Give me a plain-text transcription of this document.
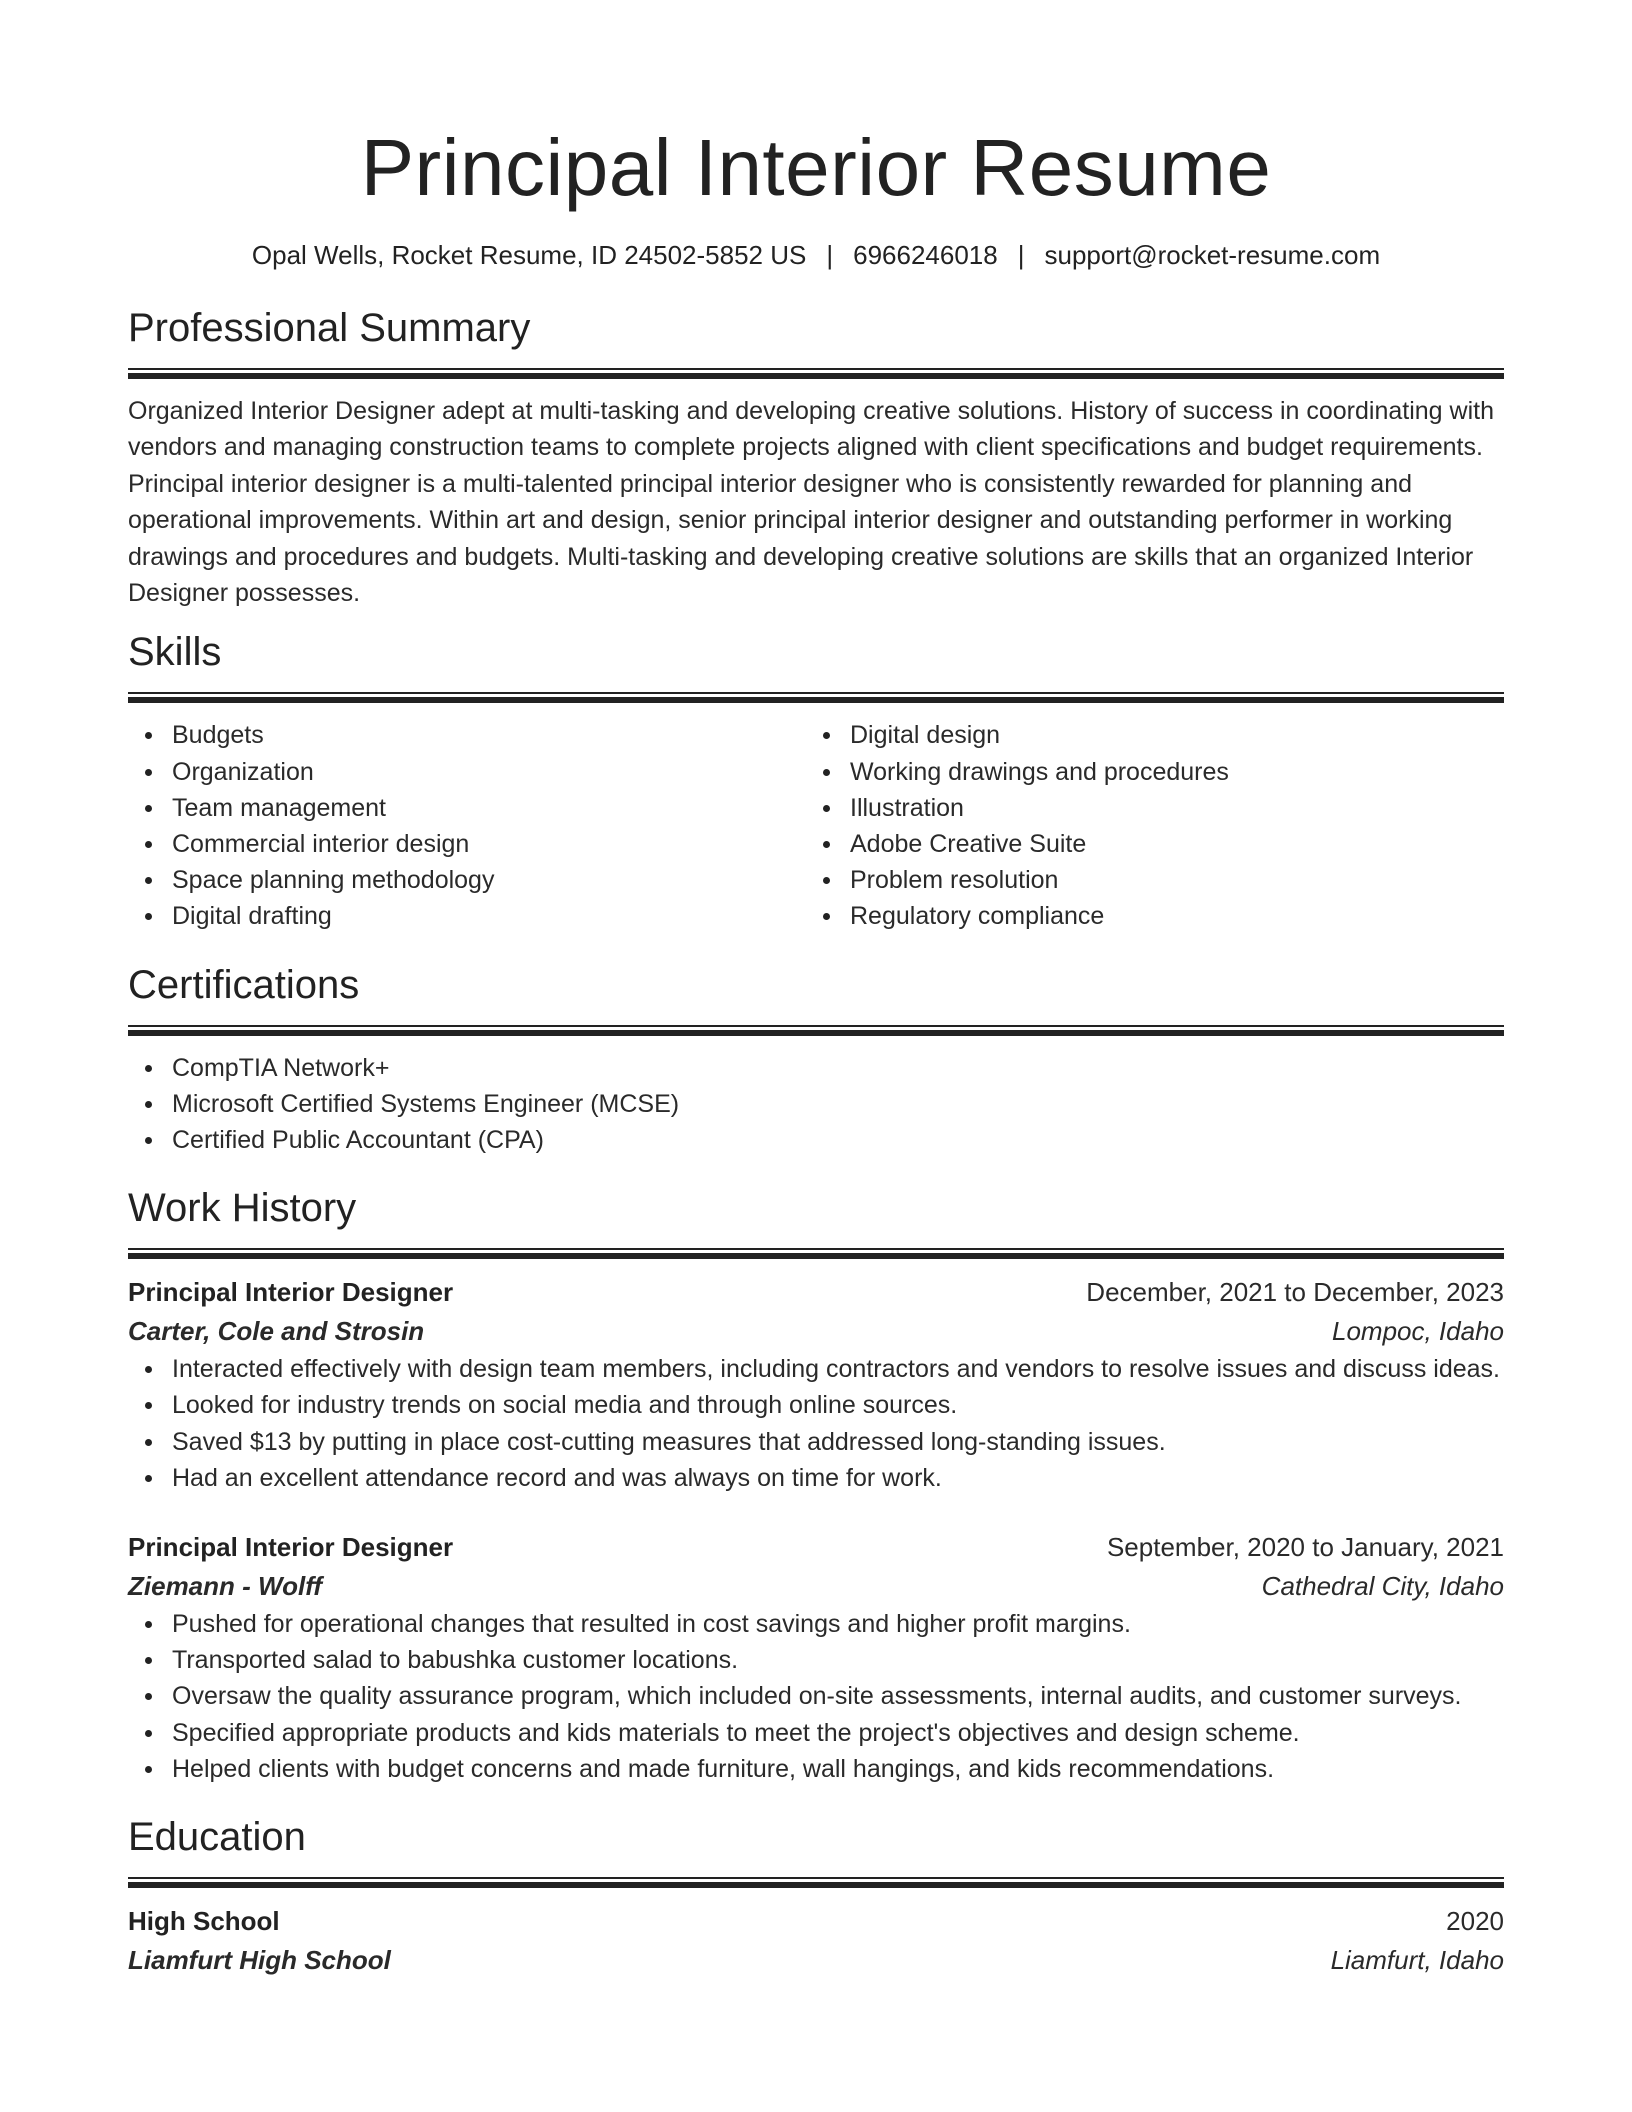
Principal Interior Resume
Opal Wells, Rocket Resume, ID 24502-5852 US | 6966246018 | support@rocket-resume.com
Professional Summary

Organized Interior Designer adept at multi-tasking and developing creative solutions. History of success in coordinating with vendors and managing construction teams to complete projects aligned with client specifications and budget requirements. Principal interior designer is a multi-talented principal interior designer who is consistently rewarded for planning and operational improvements. Within art and design, senior principal interior designer and outstanding performer in working drawings and procedures and budgets. Multi-tasking and developing creative solutions are skills that an organized Interior Designer possesses.

Skills
Budgets
Organization
Team management
Commercial interior design
Space planning methodology
Digital drafting
Digital design
Working drawings and procedures
Illustration
Adobe Creative Suite
Problem resolution
Regulatory compliance
Certifications
CompTIA Network+
Microsoft Certified Systems Engineer (MCSE)
Certified Public Accountant (CPA)
Work History
Principal Interior Designer	December, 2021 to December, 2023
Carter, Cole and Strosin	Lompoc, Idaho
Interacted effectively with design team members, including contractors and vendors to resolve issues and discuss ideas.
Looked for industry trends on social media and through online sources.
Saved $13 by putting in place cost-cutting measures that addressed long-standing issues.
Had an excellent attendance record and was always on time for work.
Principal Interior Designer	September, 2020 to January, 2021
Ziemann - Wolff	Cathedral City, Idaho
Pushed for operational changes that resulted in cost savings and higher profit margins.
Transported salad to babushka customer locations.
Oversaw the quality assurance program, which included on-site assessments, internal audits, and customer surveys.
Specified appropriate products and kids materials to meet the project's objectives and design scheme.
Helped clients with budget concerns and made furniture, wall hangings, and kids recommendations.
Education
High School	2020
Liamfurt High School	Liamfurt, Idaho
